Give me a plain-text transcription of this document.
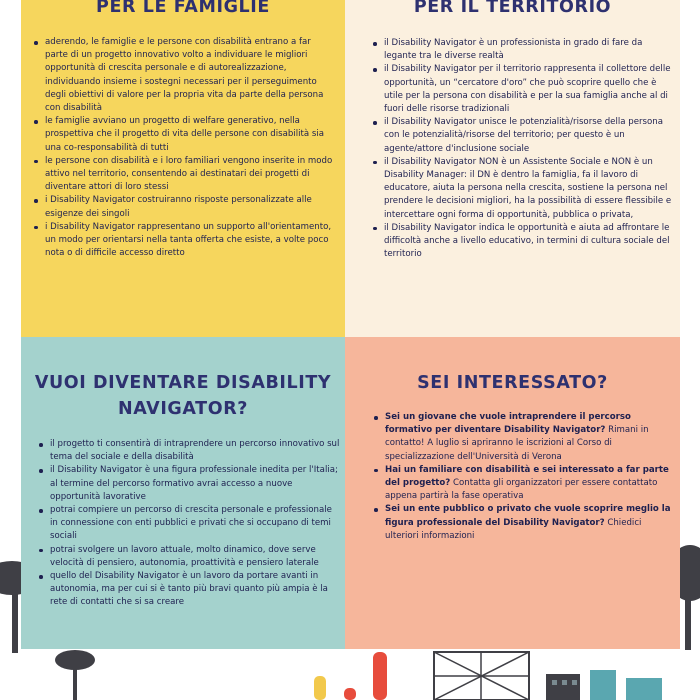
PER LE FAMIGLIE
aderendo, le famiglie e le persone con disabilità entrano a far parte di un progetto innovativo volto a individuare le migliori opportunità di crescita personale e di autorealizzazione, individuando insieme i sostegni necessari per il perseguimento degli obiettivi di valore per la propria vita da parte della persona con disabilità
le famiglie avviano un progetto di welfare generativo, nella prospettiva che il progetto di vita delle persone con disabilità sia una co-responsabilità di tutti
le persone con disabilità e i loro familiari vengono inserite in modo attivo nel territorio, consentendo ai destinatari dei progetti di diventare attori di loro stessi
i Disability Navigator costruiranno risposte personalizzate alle esigenze dei singoli
i Disability Navigator rappresentano un supporto all'orientamento, un modo per orientarsi nella tanta offerta che esiste, a volte poco nota o di difficile accesso diretto
PER IL TERRITORIO
il Disability Navigator è un professionista in grado di fare da legante tra le diverse realtà
il Disability Navigator per il territorio rappresenta il collettore delle opportunità, un “cercatore d'oro” che può scoprire quello che è utile per la persona con disabilità e per la sua famiglia anche al di fuori delle risorse tradizionali
il Disability Navigator unisce le potenzialità/risorse della persona con le potenzialità/risorse del territorio; per questo è un agente/attore d'inclusione sociale
il Disability Navigator NON è un Assistente Sociale e NON è un Disability Manager: il DN è dentro la famiglia, fa il lavoro di educatore, aiuta la persona nella crescita, sostiene la persona nel prendere le decisioni migliori, ha la possibilità di essere flessibile e intercettare ogni forma di opportunità, pubblica o privata,
il Disability Navigator indica le opportunità e aiuta ad affrontare le difficoltà anche a livello educativo, in termini di cultura sociale del territorio
VUOI DIVENTARE DISABILITY
NAVIGATOR?
il progetto ti consentirà di intraprendere un percorso innovativo sul tema del sociale e della disabilità
il Disability Navigator è una figura professionale inedita per l'Italia; al termine del percorso formativo avrai accesso a nuove opportunità lavorative
potrai compiere un percorso di crescita personale e professionale in connessione con enti pubblici e privati che si occupano di temi sociali
potrai svolgere un lavoro attuale, molto dinamico, dove serve velocità di pensiero, autonomia, proattività e pensiero laterale
quello del Disability Navigator è un lavoro da portare avanti in autonomia, ma per cui si è tanto più bravi quanto più ampia è la rete di contatti che si sa creare
SEI INTERESSATO?
Sei un giovane che vuole intraprendere il percorso formativo per diventare Disability Navigator? Rimani in contatto! A luglio si apriranno le iscrizioni al Corso di specializzazione dell'Università di Verona
Hai un familiare con disabilità e sei interessato a far parte del progetto? Contatta gli organizzatori per essere contattato appena partirà la fase operativa
Sei un ente pubblico o privato che vuole scoprire meglio la figura professionale del Disability Navigator? Chiedici ulteriori informazioni
